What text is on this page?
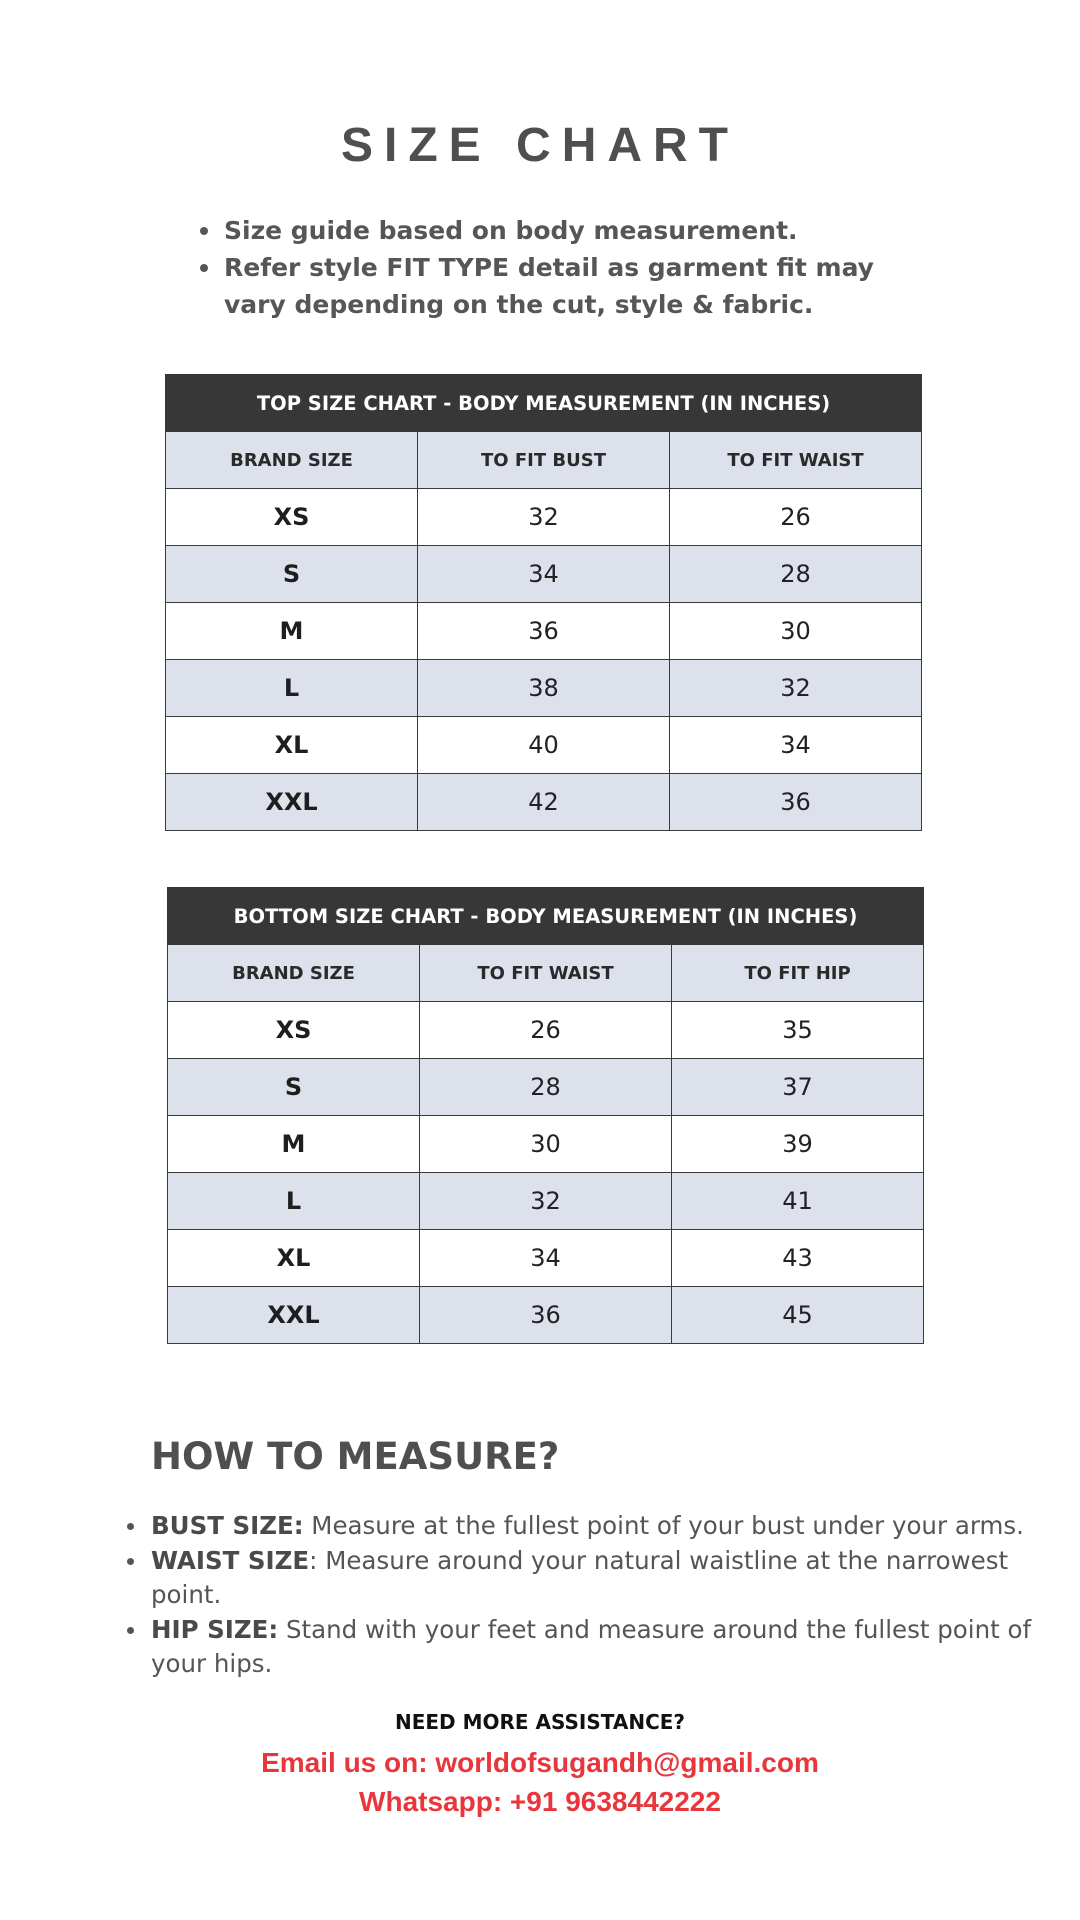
SIZE CHART
Size guide based on body measurement.
Refer style FIT TYPE detail as garment fit may vary depending on the cut, style & fabric.
TOP SIZE CHART - BODY MEASUREMENT (IN INCHES)		
BRAND SIZE	TO FIT BUST	TO FIT WAIST
XS	32	26
S	34	28
M	36	30
L	38	32
XL	40	34
XXL	42	36
BOTTOM SIZE CHART - BODY MEASUREMENT (IN INCHES)		
BRAND SIZE	TO FIT WAIST	TO FIT HIP
XS	26	35
S	28	37
M	30	39
L	32	41
XL	34	43
XXL	36	45
HOW TO MEASURE?
BUST SIZE: Measure at the fullest point of your bust under your arms.
WAIST SIZE: Measure around your natural waistline at the narrowest point.
HIP SIZE: Stand with your feet and measure around the fullest point of your hips.
NEED MORE ASSISTANCE?
Email us on: worldofsugandh@gmail.com
Whatsapp: +91 9638442222
